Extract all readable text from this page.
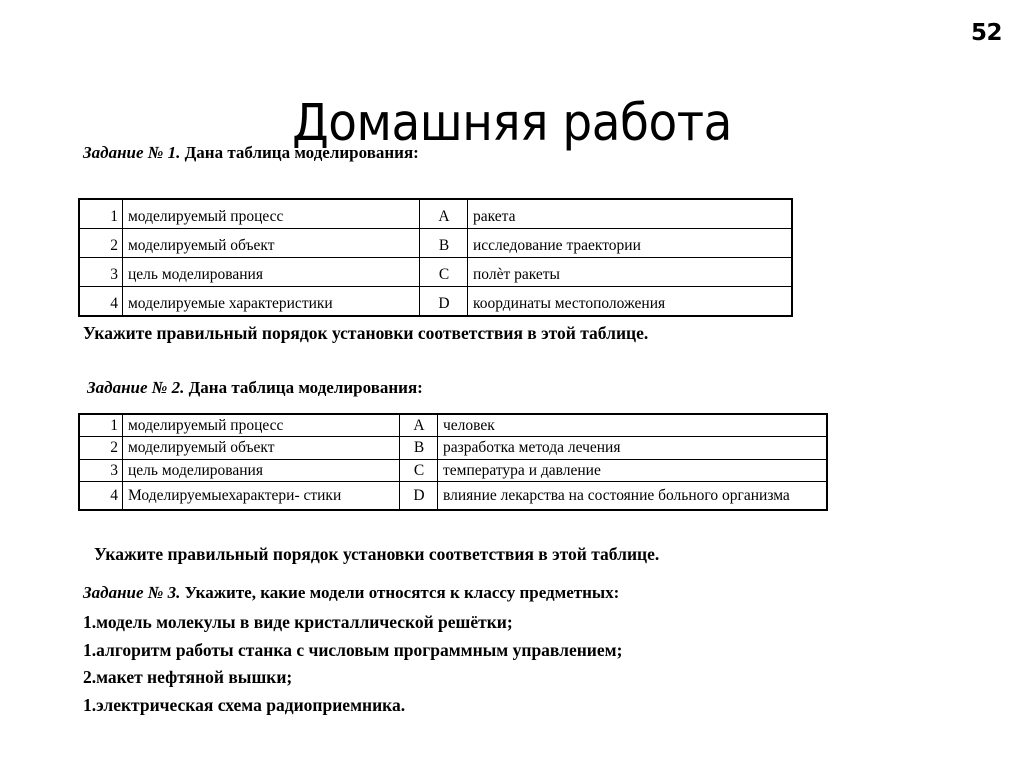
52
Домашняя работа

Задание № 1. Дана таблица моделирования:

1	моделируемый процесс	A	ракета
2	моделируемый объект	B	исследование траектории
3	цель моделирования	C	полѐт ракеты
4	моделируемые характеристики	D	координаты местоположения

Укажите правильный порядок установки соответствия в этой таблице.

Задание № 2. Дана таблица моделирования:

1	моделируемый процесс	A	человек
2	моделируемый объект	B	разработка метода лечения
3	цель моделирования	C	температура и давление
4	Моделируемыехарактери- стики	D	влияние лекарства на состояние больного организма

Укажите правильный порядок установки соответствия в этой таблице.

Задание № 3. Укажите, какие модели относятся к классу предметных:

1.модель молекулы в виде кристаллической решётки;
1.алгоритм работы станка с числовым программным управлением;
2.макет нефтяной вышки;
1.электрическая схема радиоприемника.
